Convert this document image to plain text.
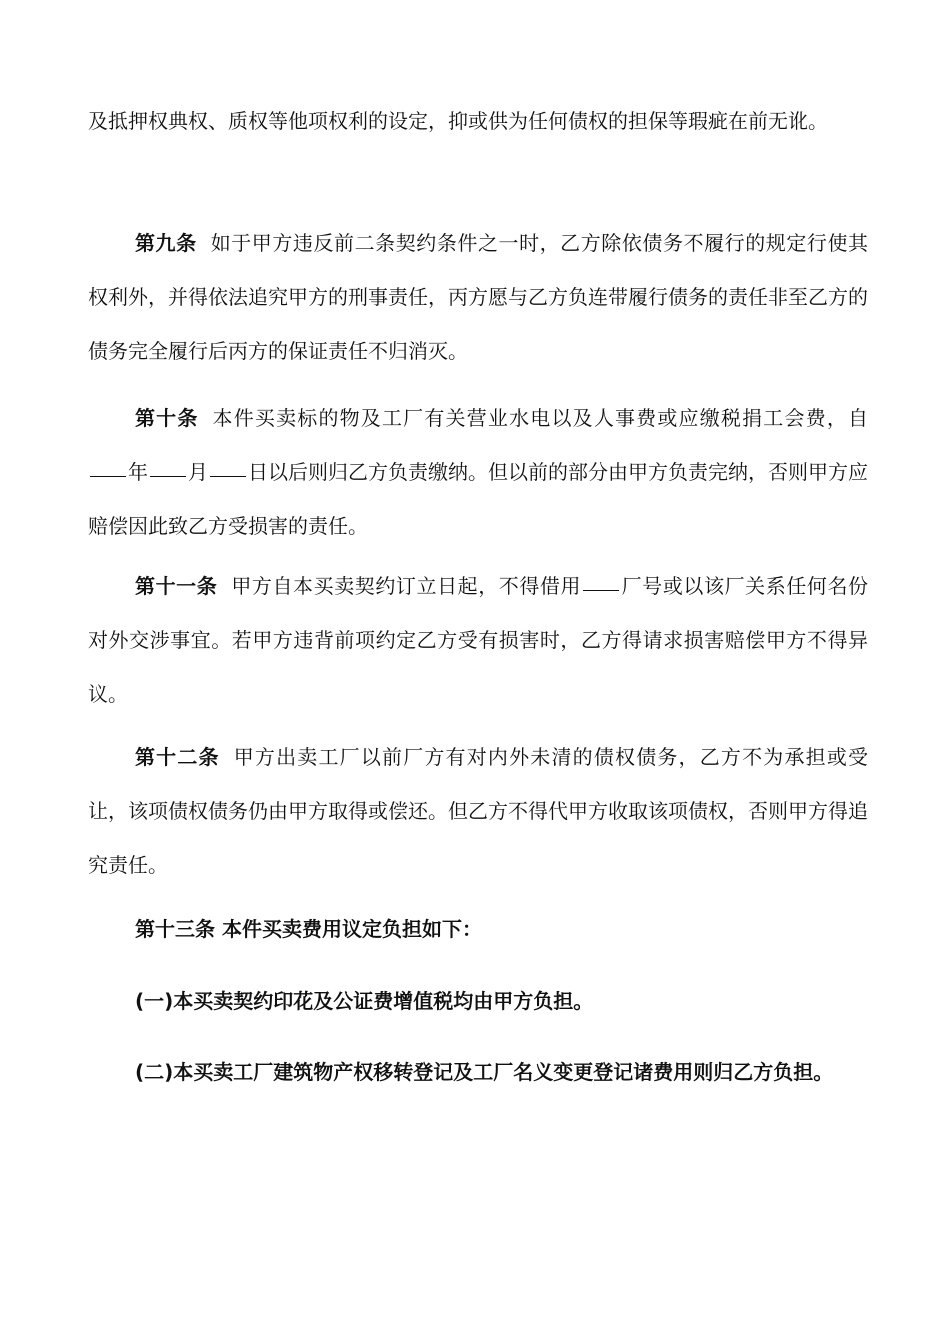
及抵押权典权、质权等他项权利的设定，抑或供为任何债权的担保等瑕疵在前无讹。

第九条 如于甲方违反前二条契约条件之一时，乙方除依债务不履行的规定行使其权利外，并得依法追究甲方的刑事责任，丙方愿与乙方负连带履行债务的责任非至乙方的债务完全履行后丙方的保证责任不归消灭。

第十条 本件买卖标的物及工厂有关营业水电以及人事费或应缴税捐工会费，自年 月 日以后则归乙方负责缴纳。但以前的部分由甲方负责完纳，否则甲方应赔偿因此致乙方受损害的责任。

第十一条 甲方自本买卖契约订立日起，不得借用 厂号或以该厂关系任何名份对外交涉事宜。若甲方违背前项约定乙方受有损害时，乙方得请求损害赔偿甲方不得异议。

第十二条 甲方出卖工厂以前厂方有对内外未清的债权债务，乙方不为承担或受让，该项债权债务仍由甲方取得或偿还。但乙方不得代甲方收取该项债权，否则甲方得追究责任。

第十三条 本件买卖费用议定负担如下：

(一)本买卖契约印花及公证费增值税均由甲方负担。

(二)本买卖工厂建筑物产权移转登记及工厂名义变更登记诸费用则归乙方负担。
